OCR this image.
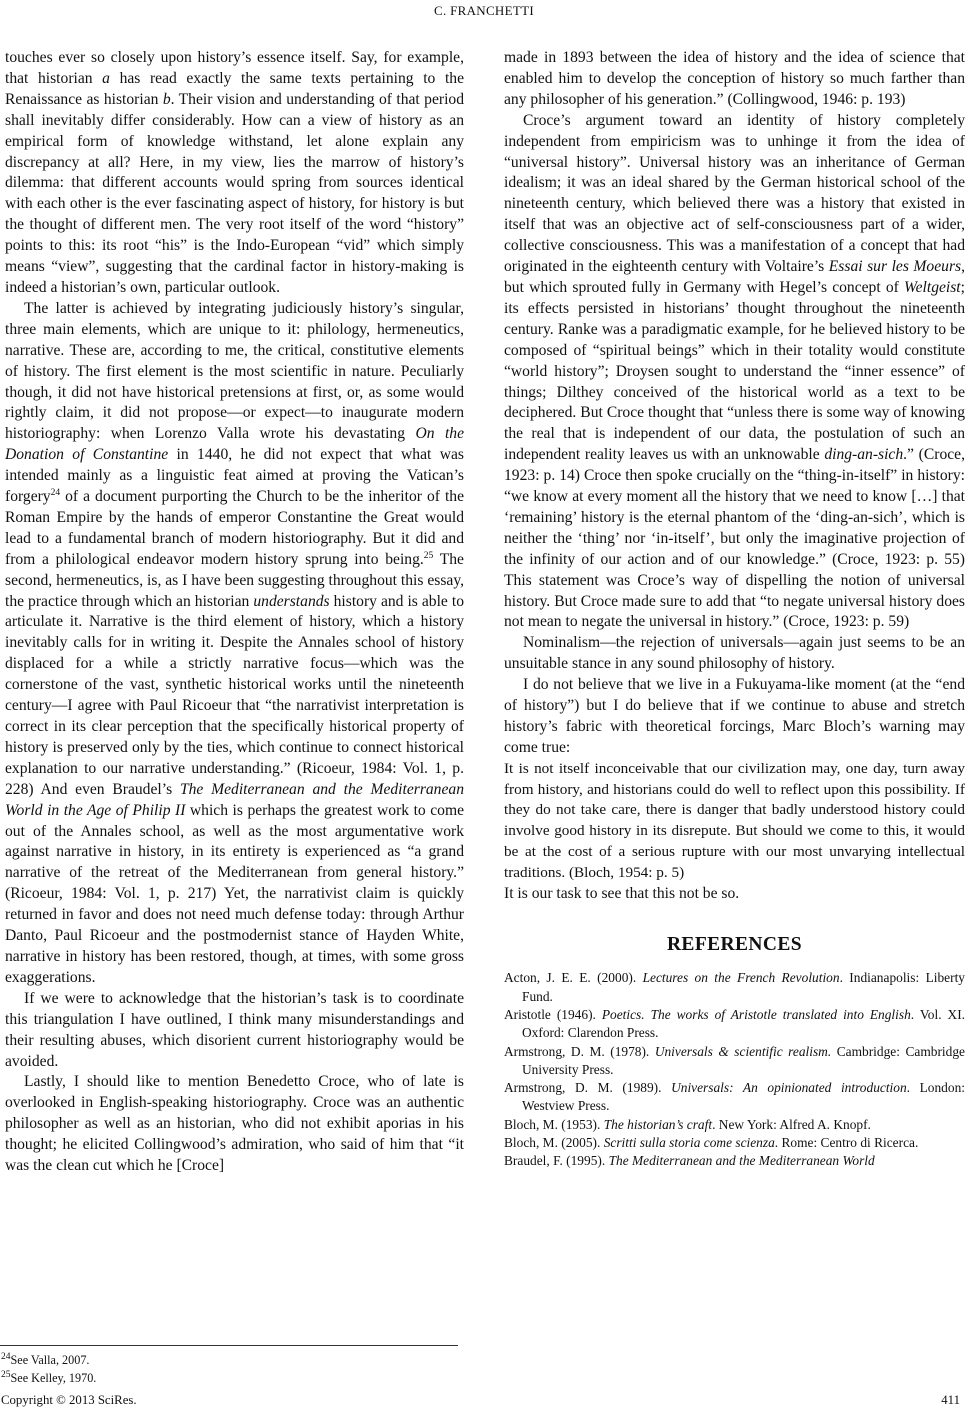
C. FRANCHETTI

touches ever so closely upon history’s essence itself. Say, for example, that historian a has read exactly the same texts pertaining to the Renaissance as historian b. Their vision and understanding of that period shall inevitably differ considerably. How can a view of history as an empirical form of knowledge withstand, let alone explain any discrepancy at all? Here, in my view, lies the marrow of history’s dilemma: that different accounts would spring from sources identical with each other is the ever fascinating aspect of history, for history is but the thought of different men. The very root itself of the word “history” points to this: its root “his” is the Indo-European “vid” which simply means “view”, suggesting that the cardinal factor in history-making is indeed a historian’s own, particular outlook.

The latter is achieved by integrating judiciously history’s singular, three main elements, which are unique to it: philology, hermeneutics, narrative. These are, according to me, the critical, constitutive elements of history. The first element is the most scientific in nature. Peculiarly though, it did not have historical pretensions at first, or, as some would rightly claim, it did not propose—or expect—to inaugurate modern historiography: when Lorenzo Valla wrote his devastating On the Donation of Constantine in 1440, he did not expect that what was intended mainly as a linguistic feat aimed at proving the Vatican’s forgery$^{24}$ of a document purporting the Church to be the inheritor of the Roman Empire by the hands of emperor Constantine the Great would lead to a fundamental branch of modern historiography. But it did and from a philological endeavor modern history sprung into being.$^{25}$ The second, hermeneutics, is, as I have been suggesting throughout this essay, the practice through which an historian understands history and is able to articulate it. Narrative is the third element of history, which a history inevitably calls for in writing it. Despite the Annales school of history displaced for a while a strictly narrative focus—which was the cornerstone of the vast, synthetic historical works until the nineteenth century—I agree with Paul Ricoeur that “the narrativist interpretation is correct in its clear perception that the specifically historical property of history is preserved only by the ties, which continue to connect historical explanation to our narrative understanding.” (Ricoeur, 1984: Vol. 1, p. 228) And even Braudel’s The Mediterranean and the Mediterranean World in the Age of Philip II which is perhaps the greatest work to come out of the Annales school, as well as the most argumentative work against narrative in history, in its entirety is experienced as “a grand narrative of the retreat of the Mediterranean from general history.” (Ricoeur, 1984: Vol. 1, p. 217) Yet, the narrativist claim is quickly returned in favor and does not need much defense today: through Arthur Danto, Paul Ricoeur and the postmodernist stance of Hayden White, narrative in history has been restored, though, at times, with some gross exaggerations.

If we were to acknowledge that the historian’s task is to coordinate this triangulation I have outlined, I think many misunderstandings and their resulting abuses, which disorient current historiography would be avoided.

Lastly, I should like to mention Benedetto Croce, who of late is overlooked in English-speaking historiography. Croce was an authentic philosopher as well as an historian, who did not exhibit aporias in his thought; he elicited Collingwood’s admiration, who said of him that “it was the clean cut which he [Croce]

made in 1893 between the idea of history and the idea of science that enabled him to develop the conception of history so much farther than any philosopher of his generation.” (Collingwood, 1946: p. 193)

Croce’s argument toward an identity of history completely independent from empiricism was to unhinge it from the idea of “universal history”. Universal history was an inheritance of German idealism; it was an ideal shared by the German historical school of the nineteenth century, which believed there was a history that existed in itself that was an objective act of self-consciousness part of a wider, collective consciousness. This was a manifestation of a concept that had originated in the eighteenth century with Voltaire’s Essai sur les Moeurs, but which sprouted fully in Germany with Hegel’s concept of Weltgeist; its effects persisted in historians’ thought throughout the nineteenth century. Ranke was a paradigmatic example, for he believed history to be composed of “spiritual beings” which in their totality would constitute “world history”; Droysen sought to understand the “inner essence” of things; Dilthey conceived of the historical world as a text to be deciphered. But Croce thought that “unless there is some way of knowing the real that is independent of our data, the postulation of such an independent reality leaves us with an unknowable ding-an-sich.” (Croce, 1923: p. 14) Croce then spoke crucially on the “thing-in-itself” in history: “we know at every moment all the history that we need to know […] that ‘remaining’ history is the eternal phantom of the ‘ding-an-sich’, which is neither the ‘thing’ nor ‘in-itself’, but only the imaginative projection of the infinity of our action and of our knowledge.” (Croce, 1923: p. 55) This statement was Croce’s way of dispelling the notion of universal history. But Croce made sure to add that “to negate universal history does not mean to negate the universal in history.” (Croce, 1923: p. 59)

Nominalism—the rejection of universals—again just seems to be an unsuitable stance in any sound philosophy of history.

I do not believe that we live in a Fukuyama-like moment (at the “end of history”) but I do believe that if we continue to abuse and stretch history’s fabric with theoretical forcings, Marc Bloch’s warning may come true:

It is not itself inconceivable that our civilization may, one day, turn away from history, and historians could do well to reflect upon this possibility. If they do not take care, there is danger that badly understood history could involve good history in its disrepute. But should we come to this, it would be at the cost of a serious rupture with our most unvarying intellectual traditions. (Bloch, 1954: p. 5)

It is our task to see that this not be so.

REFERENCES

Acton, J. E. E. (2000). Lectures on the French Revolution. Indianapolis: Liberty Fund.

Aristotle (1946). Poetics. The works of Aristotle translated into English. Vol. XI. Oxford: Clarendon Press.

Armstrong, D. M. (1978). Universals & scientific realism. Cambridge: Cambridge University Press.

Armstrong, D. M. (1989). Universals: An opinionated introduction. London: Westview Press.

Bloch, M. (1953). The historian’s craft. New York: Alfred A. Knopf.

Bloch, M. (2005). Scritti sulla storia come scienza. Rome: Centro di Ricerca.

Braudel, F. (1995). The Mediterranean and the Mediterranean World

$^{24}$See Valla, 2007.
$^{25}$See Kelley, 1970.
Copyright © 2013 SciRes.	411
